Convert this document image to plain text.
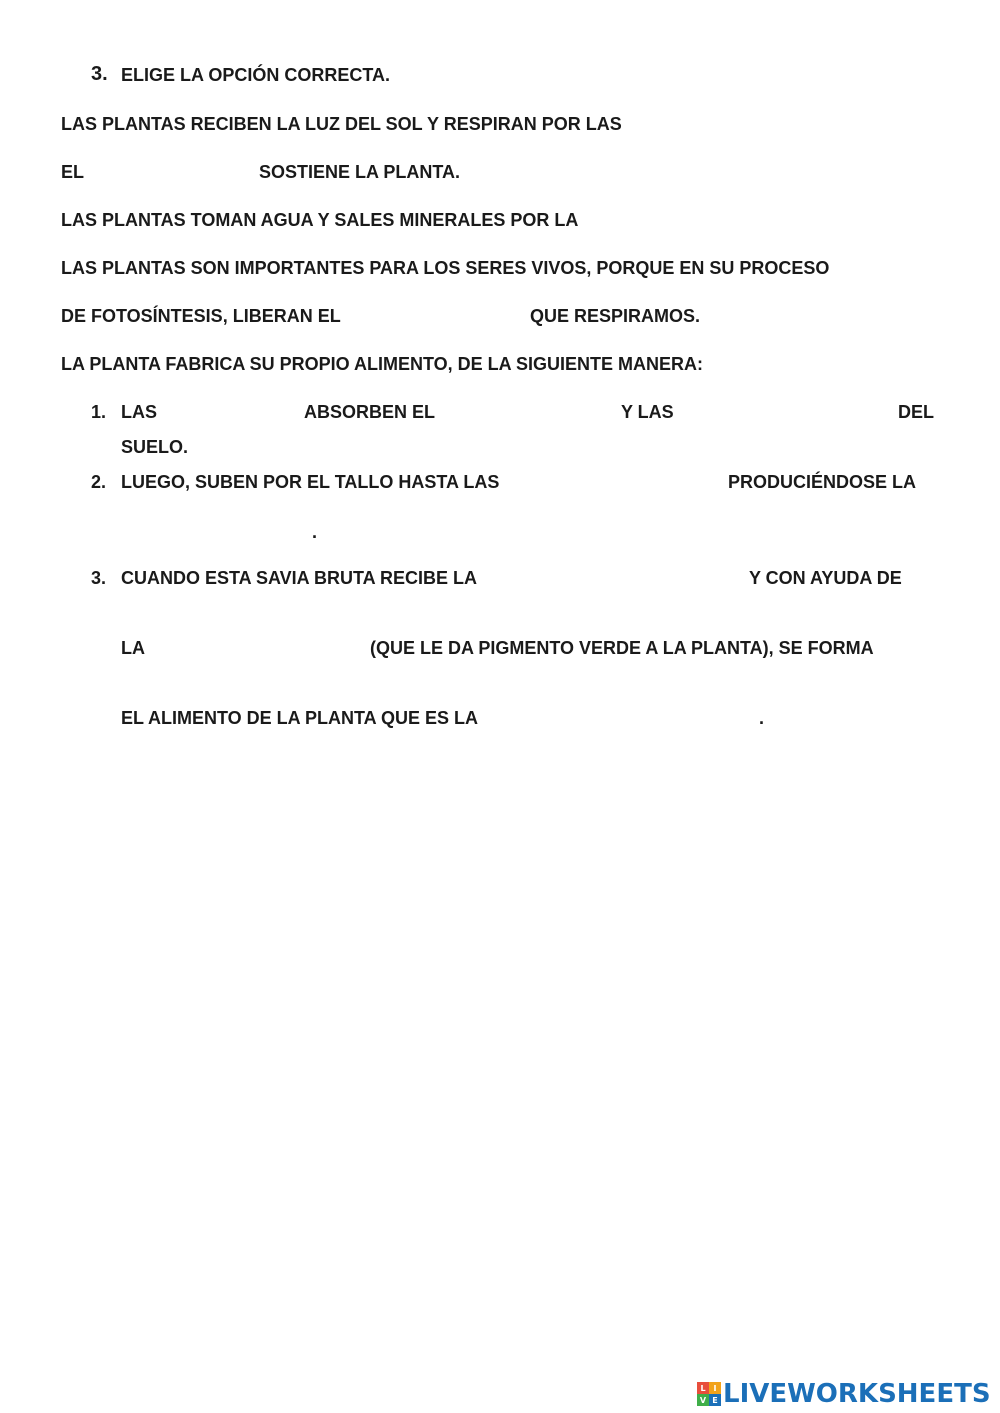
3. ELIGE LA OPCIÓN CORRECTA.
LAS PLANTAS RECIBEN LA LUZ DEL SOL Y RESPIRAN POR LAS
EL	SOSTIENE LA PLANTA.
LAS PLANTAS TOMAN AGUA Y SALES MINERALES POR LA
LAS PLANTAS SON IMPORTANTES PARA LOS SERES VIVOS, PORQUE EN SU PROCESO
DE FOTOSÍNTESIS, LIBERAN EL	QUE RESPIRAMOS.
LA PLANTA FABRICA SU PROPIO ALIMENTO, DE LA SIGUIENTE MANERA:
1. LAS	ABSORBEN EL	Y LAS	DEL
SUELO.
2. LUEGO, SUBEN POR EL TALLO HASTA LAS	PRODUCIÉNDOSE LA
.
3. CUANDO ESTA SAVIA BRUTA RECIBE LA	Y CON AYUDA DE
LA	(QUE LE DA PIGMENTO VERDE A LA PLANTA), SE FORMA
EL ALIMENTO DE LA PLANTA QUE ES LA	.
L I
V E LIVEWORKSHEETS
